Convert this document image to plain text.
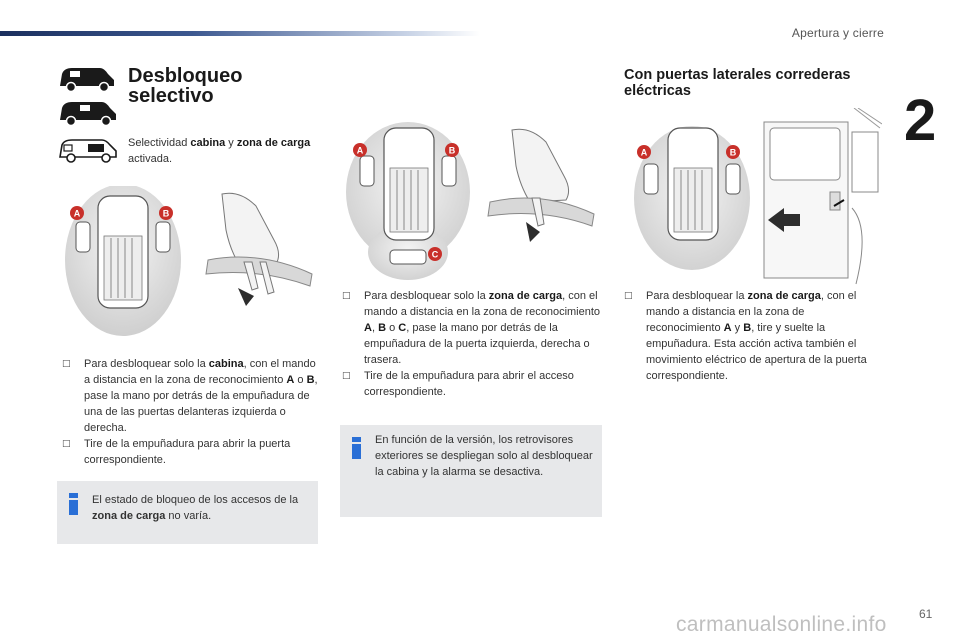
Apertura y cierre
2
Desbloqueo
selectivo
Selectividad cabina y zona de carga activada.
A	B
□ Para desbloquear solo la cabina, con el mando a distancia en la zona de reconocimiento A o B, pase la mano por detrás de la empuñadura de una de las puertas delanteras izquierda o derecha.
□ Tire de la empuñadura para abrir la puerta correspondiente.
El estado de bloqueo de los accesos de la zona de carga no varía.
A	B
C
□ Para desbloquear solo la zona de carga, con el mando a distancia en la zona de reconocimiento A, B o C, pase la mano por detrás de la empuñadura de la puerta izquierda, derecha o trasera.
□ Tire de la empuñadura para abrir el acceso correspondiente.
En función de la versión, los retrovisores exteriores se despliegan solo al desbloquear la cabina y la alarma se desactiva.
Con puertas laterales correderas eléctricas
A	B
□ Para desbloquear la zona de carga, con el mando a distancia en la zona de reconocimiento A y B, tire y suelte la empuñadura. Esta acción activa también el movimiento eléctrico de apertura de la puerta correspondiente.
61
carmanualsonline.info
